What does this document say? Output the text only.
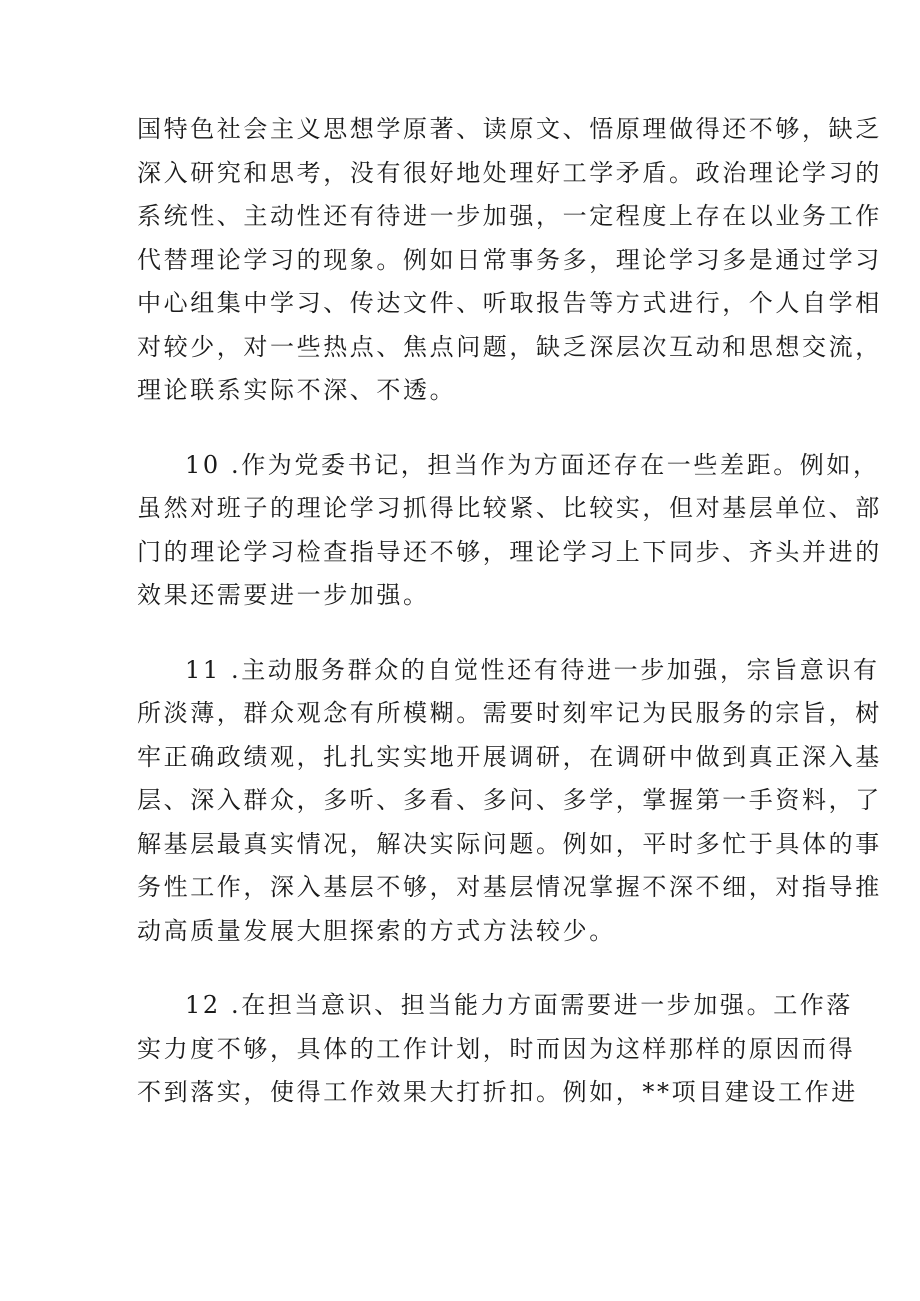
国特色社会主义思想学原著、读原文、悟原理做得还不够，缺乏
深入研究和思考，没有很好地处理好工学矛盾。政治理论学习的
系统性、主动性还有待进一步加强，一定程度上存在以业务工作
代替理论学习的现象。例如日常事务多，理论学习多是通过学习
中心组集中学习、传达文件、听取报告等方式进行，个人自学相
对较少，对一些热点、焦点问题，缺乏深层次互动和思想交流，
理论联系实际不深、不透。
10 .作为党委书记，担当作为方面还存在一些差距。例如，
虽然对班子的理论学习抓得比较紧、比较实，但对基层单位、部
门的理论学习检查指导还不够，理论学习上下同步、齐头并进的
效果还需要进一步加强。
11 .主动服务群众的自觉性还有待进一步加强，宗旨意识有
所淡薄，群众观念有所模糊。需要时刻牢记为民服务的宗旨，树
牢正确政绩观，扎扎实实地开展调研，在调研中做到真正深入基
层、深入群众，多听、多看、多问、多学，掌握第一手资料，了
解基层最真实情况，解决实际问题。例如，平时多忙于具体的事
务性工作，深入基层不够，对基层情况掌握不深不细，对指导推
动高质量发展大胆探索的方式方法较少。
12 .在担当意识、担当能力方面需要进一步加强。工作落
实力度不够，具体的工作计划，时而因为这样那样的原因而得
不到落实，使得工作效果大打折扣。例如，**项目建设工作进
